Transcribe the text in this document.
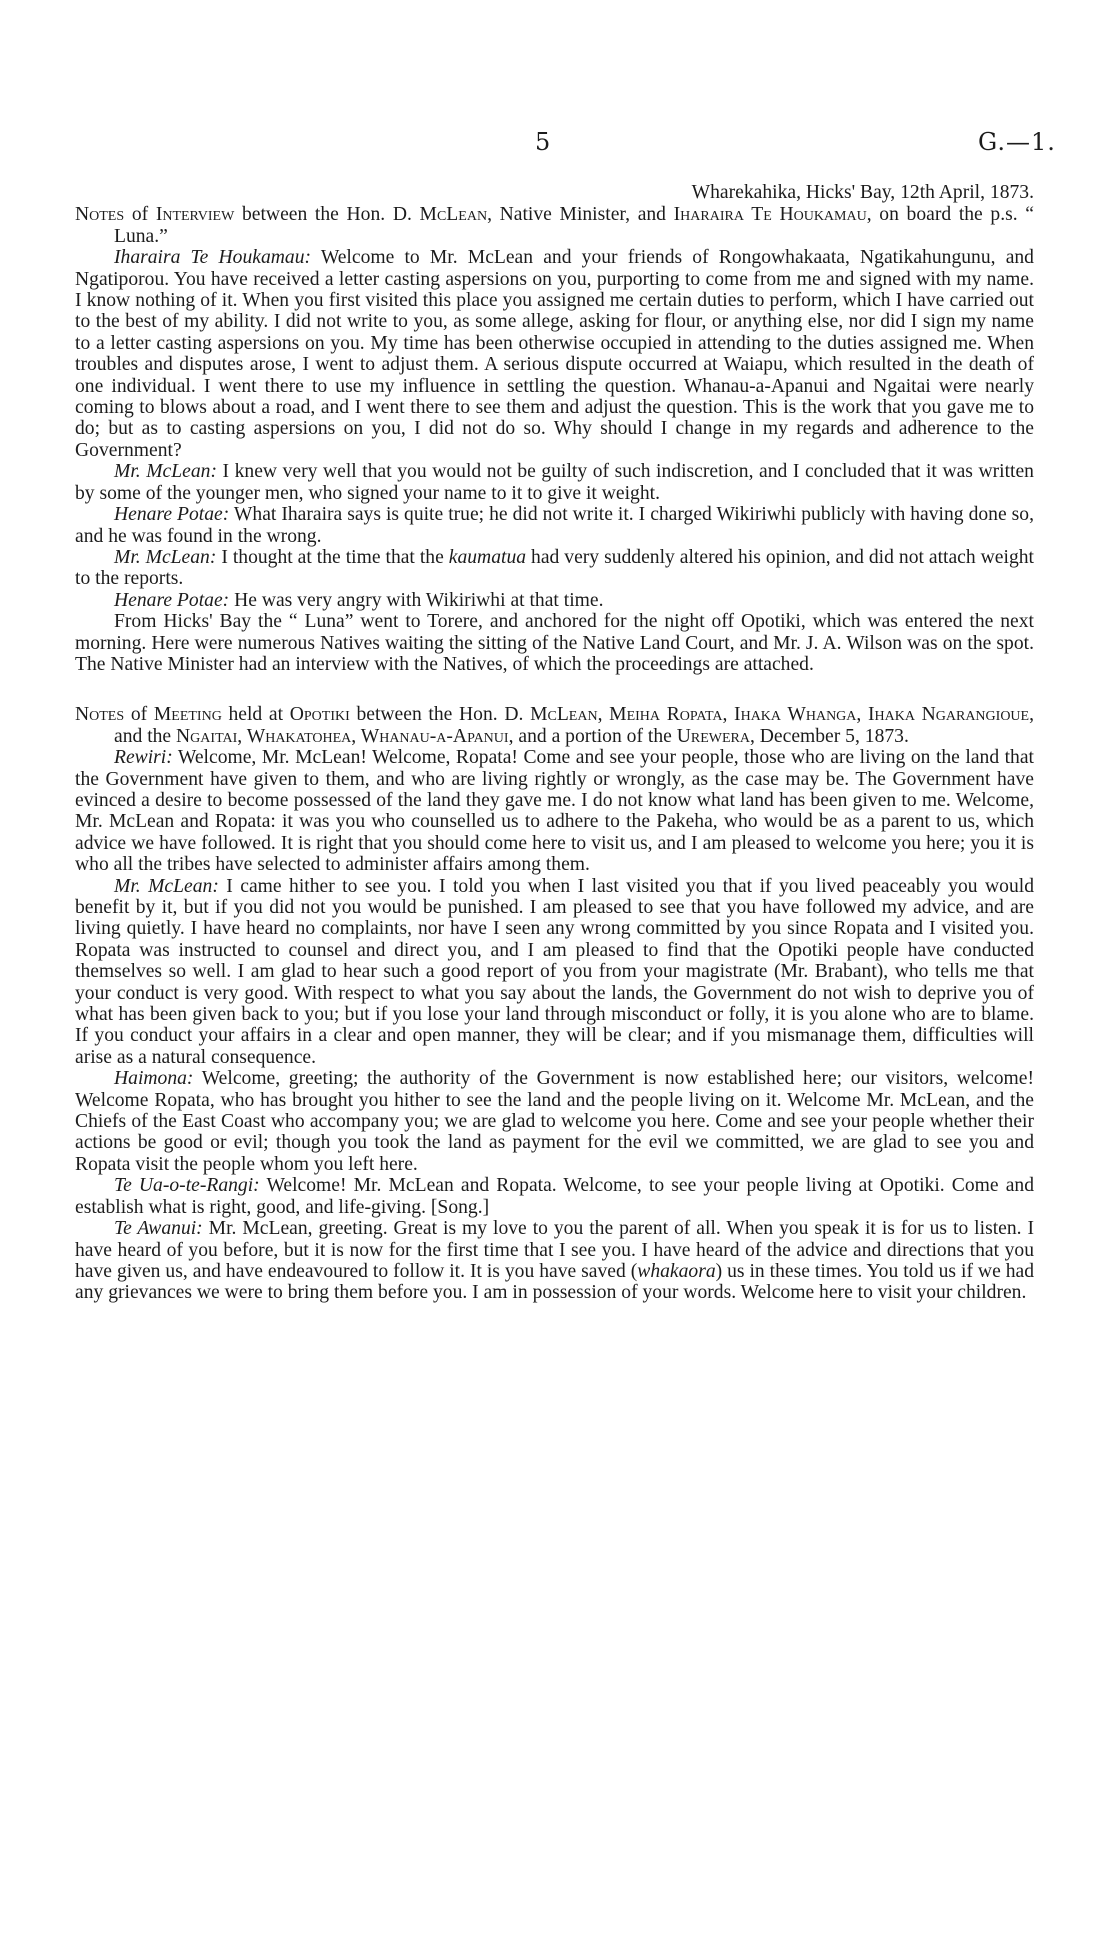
5	G.—1.
Wharekahika, Hicks' Bay, 12th April, 1873.

Notes of Interview between the Hon. D. McLean, Native Minister, and Iharaira Te Houkamau, on board the p.s. “ Luna.”

Iharaira Te Houkamau: Welcome to Mr. McLean and your friends of Rongowhakaata, Ngatikahungunu, and Ngatiporou. You have received a letter casting aspersions on you, purporting to come from me and signed with my name. I know nothing of it. When you first visited this place you assigned me certain duties to perform, which I have carried out to the best of my ability. I did not write to you, as some allege, asking for flour, or anything else, nor did I sign my name to a letter casting aspersions on you. My time has been otherwise occupied in attending to the duties assigned me. When troubles and disputes arose, I went to adjust them. A serious dispute occurred at Waiapu, which resulted in the death of one individual. I went there to use my influence in settling the question. Whanau-a-Apanui and Ngaitai were nearly coming to blows about a road, and I went there to see them and adjust the question. This is the work that you gave me to do; but as to casting aspersions on you, I did not do so. Why should I change in my regards and adherence to the Government?

Mr. McLean: I knew very well that you would not be guilty of such indiscretion, and I concluded that it was written by some of the younger men, who signed your name to it to give it weight.

Henare Potae: What Iharaira says is quite true; he did not write it. I charged Wikiriwhi publicly with having done so, and he was found in the wrong.

Mr. McLean: I thought at the time that the kaumatua had very suddenly altered his opinion, and did not attach weight to the reports.

Henare Potae: He was very angry with Wikiriwhi at that time.

From Hicks' Bay the “ Luna” went to Torere, and anchored for the night off Opotiki, which was entered the next morning. Here were numerous Natives waiting the sitting of the Native Land Court, and Mr. J. A. Wilson was on the spot. The Native Minister had an interview with the Natives, of which the proceedings are attached.

Notes of Meeting held at Opotiki between the Hon. D. McLean, Meiha Ropata, Ihaka Whanga, Ihaka Ngarangioue, and the Ngaitai, Whakatohea, Whanau-a-Apanui, and a portion of the Urewera, December 5, 1873.

Rewiri: Welcome, Mr. McLean! Welcome, Ropata! Come and see your people, those who are living on the land that the Government have given to them, and who are living rightly or wrongly, as the case may be. The Government have evinced a desire to become possessed of the land they gave me. I do not know what land has been given to me. Welcome, Mr. McLean and Ropata: it was you who counselled us to adhere to the Pakeha, who would be as a parent to us, which advice we have followed. It is right that you should come here to visit us, and I am pleased to welcome you here; you it is who all the tribes have selected to administer affairs among them.

Mr. McLean: I came hither to see you. I told you when I last visited you that if you lived peaceably you would benefit by it, but if you did not you would be punished. I am pleased to see that you have followed my advice, and are living quietly. I have heard no complaints, nor have I seen any wrong committed by you since Ropata and I visited you. Ropata was instructed to counsel and direct you, and I am pleased to find that the Opotiki people have conducted themselves so well. I am glad to hear such a good report of you from your magistrate (Mr. Brabant), who tells me that your conduct is very good. With respect to what you say about the lands, the Government do not wish to deprive you of what has been given back to you; but if you lose your land through misconduct or folly, it is you alone who are to blame. If you conduct your affairs in a clear and open manner, they will be clear; and if you mismanage them, difficulties will arise as a natural consequence.

Haimona: Welcome, greeting; the authority of the Government is now established here; our visitors, welcome! Welcome Ropata, who has brought you hither to see the land and the people living on it. Welcome Mr. McLean, and the Chiefs of the East Coast who accompany you; we are glad to welcome you here. Come and see your people whether their actions be good or evil; though you took the land as payment for the evil we committed, we are glad to see you and Ropata visit the people whom you left here.

Te Ua-o-te-Rangi: Welcome! Mr. McLean and Ropata. Welcome, to see your people living at Opotiki. Come and establish what is right, good, and life-giving. [Song.]

Te Awanui: Mr. McLean, greeting. Great is my love to you the parent of all. When you speak it is for us to listen. I have heard of you before, but it is now for the first time that I see you. I have heard of the advice and directions that you have given us, and have endeavoured to follow it. It is you have saved (whakaora) us in these times. You told us if we had any grievances we were to bring them before you. I am in possession of your words. Welcome here to visit your children.
